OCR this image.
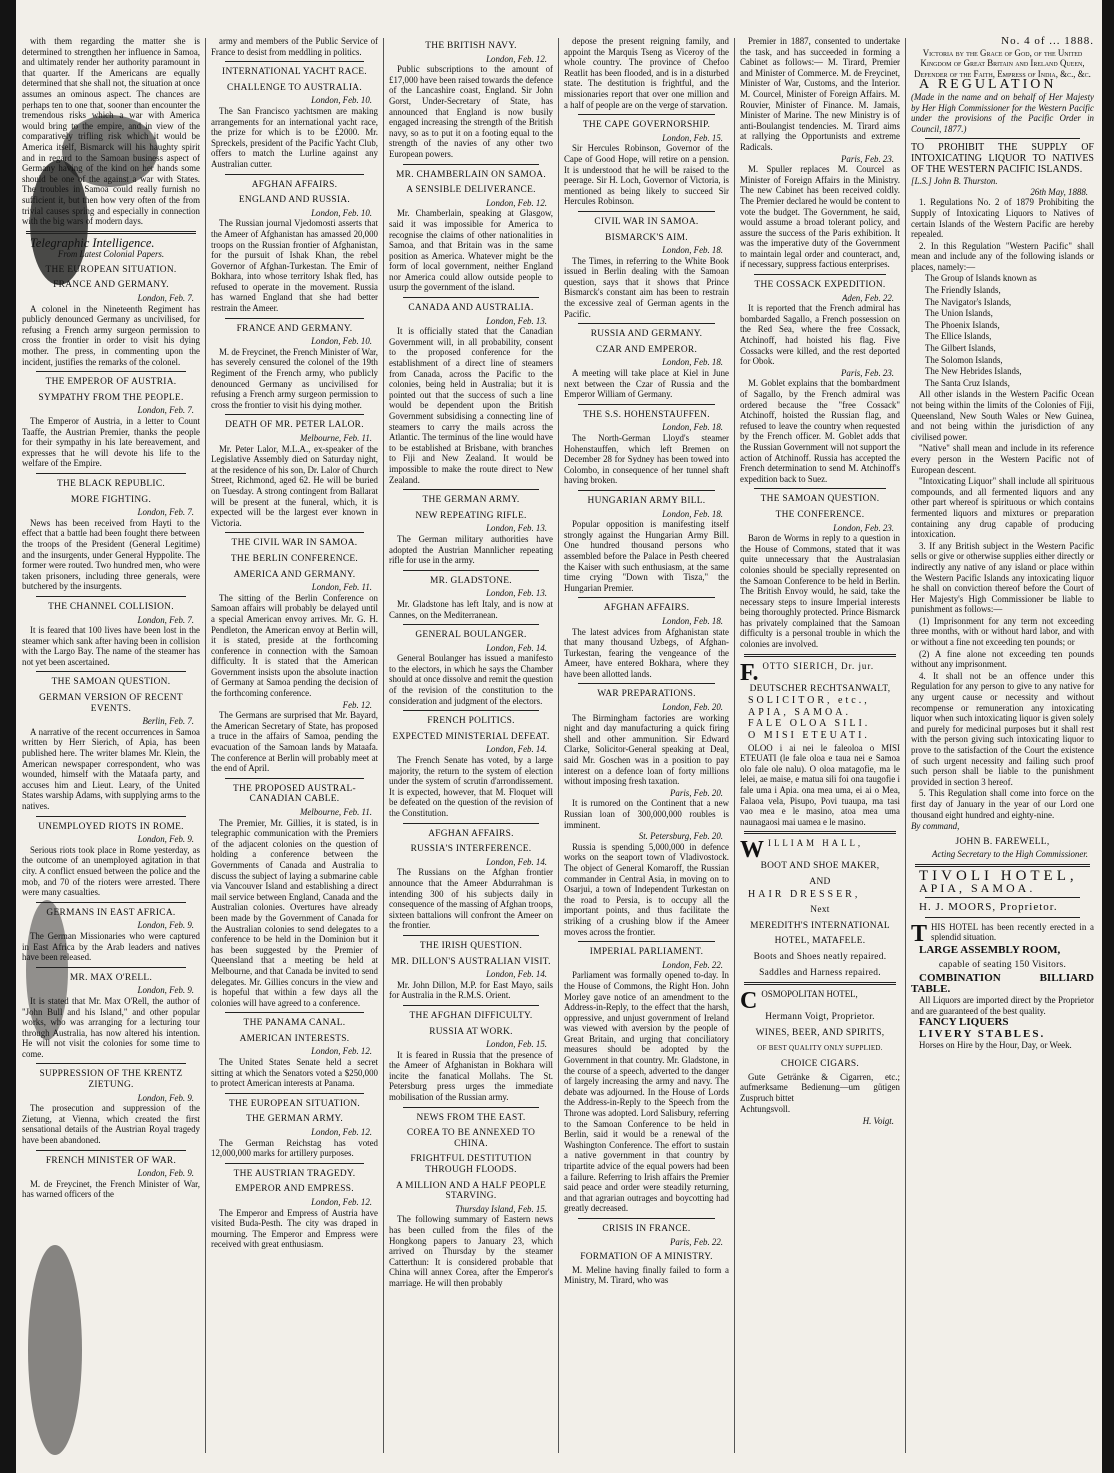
with them regarding the matter she is determined to strengthen her influence in Samoa, and ultimately render her authority paramount in that quarter. If the Americans are equally determined that she shall not, the situation at once assumes an ominous aspect. The chances are perhaps ten to one that, sooner than encounter the tremendous risks which a war with America would bring to the empire, and in view of the comparatively trifling risk which it would be America itself, Bismarck will his haughty spirit and in regard to the Samoan business aspect of Germany having of the kind on her hands some should be one of the against a war with States. The troubles in Samoa could really furnish no sufficient it, but then how very often of the from trivial causes spring and especially in connection with the big wars of modern days.

Telegraphic Intelligence.

From Latest Colonial Papers.

THE EUROPEAN SITUATION.

FRANCE AND GERMANY.

London, Feb. 7.

A colonel in the Nineteenth Regiment has publicly denounced Germany as uncivilised, for refusing a French army surgeon permission to cross the frontier in order to visit his dying mother. The press, in commenting upon the incident, justifies the remarks of the colonel.

THE EMPEROR OF AUSTRIA.

SYMPATHY FROM THE PEOPLE.

London, Feb. 7.

The Emperor of Austria, in a letter to Count Taaffe, the Austrian Premier, thanks the people for their sympathy in his late bereavement, and expresses that he will devote his life to the welfare of the Empire.

THE BLACK REPUBLIC.

MORE FIGHTING.

London, Feb. 7.

News has been received from Hayti to the effect that a battle had been fought there between the troops of the President (General Legitime) and the insurgents, under General Hyppolite. The former were routed. Two hundred men, who were taken prisoners, including three generals, were butchered by the insurgents.

THE CHANNEL COLLISION.

London, Feb. 7.

It is feared that 100 lives have been lost in the steamer which sank after having been in collision with the Largo Bay. The name of the steamer has not yet been ascertained.

THE SAMOAN QUESTION.

GERMAN VERSION OF RECENT EVENTS.

Berlin, Feb. 7.

A narrative of the recent occurrences in Samoa written by Herr Sierich, of Apia, has been published here. The writer blames Mr. Klein, the American newspaper correspondent, who was wounded, himself with the Mataafa party, and accuses him and Lieut. Leary, of the United States warship Adams, with supplying arms to the natives.

UNEMPLOYED RIOTS IN ROME.

London, Feb. 9.

Serious riots took place in Rome yesterday, as the outcome of an unemployed agitation in that city. A conflict ensued between the police and the mob, and 70 of the rioters were arrested. There were many casualties.

GERMANS IN EAST AFRICA.

London, Feb. 9.

The German Missionaries who were captured in East Africa by the Arab leaders and natives have been released.

MR. MAX O'RELL.

London, Feb. 9.

It is stated that Mr. Max O'Rell, the author of "John Bull and his Island," and other popular works, who was arranging for a lecturing tour through Australia, has now altered his intention. He will not visit the colonies for some time to come.

SUPPRESSION OF THE KRENTZ ZIETUNG.

London, Feb. 9.

The prosecution and suppression of the Zietung, at Vienna, which created the first sensational details of the Austrian Royal tragedy have been abandoned.

FRENCH MINISTER OF WAR.

London, Feb. 9.

M. de Freycinet, the French Minister of War, has warned officers of the

army and members of the Public Service of France to desist from meddling in politics.

INTERNATIONAL YACHT RACE.

CHALLENGE TO AUSTRALIA.

London, Feb. 10.

The San Francisco yachtsmen are making arrangements for an international yacht race, the prize for which is to be £2000. Mr. Spreckels, president of the Pacific Yacht Club, offers to match the Lurline against any Australian cutter.

AFGHAN AFFAIRS.

ENGLAND AND RUSSIA.

London, Feb. 10.

The Russian journal Vjedomosti asserts that the Ameer of Afghanistan has amassed 20,000 troops on the Russian frontier of Afghanistan, for the pursuit of Ishak Khan, the rebel Governor of Afghan-Turkestan. The Emir of Bokhara, into whose territory Ishak fled, has refused to operate in the movement. Russia has warned England that she had better restrain the Ameer.

FRANCE AND GERMANY.

London, Feb. 10.

M. de Freycinet, the French Minister of War, has severely censured the colonel of the 19th Regiment of the French army, who publicly denounced Germany as uncivilised for refusing a French army surgeon permission to cross the frontier to visit his dying mother.

DEATH OF MR. PETER LALOR.

Melbourne, Feb. 11.

Mr. Peter Lalor, M.L.A., ex-speaker of the Legislative Assembly died on Saturday night, at the residence of his son, Dr. Lalor of Church Street, Richmond, aged 62. He will be buried on Tuesday. A strong contingent from Ballarat will be present at the funeral, which, it is expected will be the largest ever known in Victoria.

THE CIVIL WAR IN SAMOA.

THE BERLIN CONFERENCE.

AMERICA AND GERMANY.

London, Feb. 11.

The sitting of the Berlin Conference on Samoan affairs will probably be delayed until a special American envoy arrives. Mr. G. H. Pendleton, the American envoy at Berlin will, it is stated, preside at the forthcoming conference in connection with the Samoan difficulty. It is stated that the American Government insists upon the absolute inaction of Germany at Samoa pending the decision of the forthcoming conference.

Feb. 12.

The Germans are surprised that Mr. Bayard, the American Secretary of State, has proposed a truce in the affairs of Samoa, pending the evacuation of the Samoan lands by Mataafa. The conference at Berlin will probably meet at the end of April.

THE PROPOSED AUSTRAL-CANADIAN CABLE.

Melbourne, Feb. 11.

The Premier, Mr. Gillies, it is stated, is in telegraphic communication with the Premiers of the adjacent colonies on the question of holding a conference between the Governments of Canada and Australia to discuss the subject of laying a submarine cable via Vancouver Island and establishing a direct mail service between England, Canada and the Australian colonies. Overtures have already been made by the Government of Canada for the Australian colonies to send delegates to a conference to be held in the Dominion but it has been suggested by the Premier of Queensland that a meeting be held at Melbourne, and that Canada be invited to send delegates. Mr. Gillies concurs in the view and is hopeful that within a few days all the colonies will have agreed to a conference.

THE PANAMA CANAL.

AMERICAN INTERESTS.

London, Feb. 12.

The United States Senate held a secret sitting at which the Senators voted a $250,000 to protect American interests at Panama.

THE EUROPEAN SITUATION.

THE GERMAN ARMY.

London, Feb. 12.

The German Reichstag has voted 12,000,000 marks for artillery purposes.

THE AUSTRIAN TRAGEDY.

EMPEROR AND EMPRESS.

London, Feb. 12.

The Emperor and Empress of Austria have visited Buda-Pesth. The city was draped in mourning. The Emperor and Empress were received with great enthusiasm.

THE BRITISH NAVY.

London, Feb. 12.

Public subscriptions to the amount of £17,000 have been raised towards the defence of the Lancashire coast, England. Sir John Gorst, Under-Secretary of State, has announced that England is now busily engaged increasing the strength of the British navy, so as to put it on a footing equal to the strength of the navies of any other two European powers.

MR. CHAMBERLAIN ON SAMOA.

A SENSIBLE DELIVERANCE.

London, Feb. 12.

Mr. Chamberlain, speaking at Glasgow, said it was impossible for America to recognise the claims of other nationalities in Samoa, and that Britain was in the same position as America. Whatever might be the form of local government, neither England nor America could allow outside people to usurp the government of the island.

CANADA AND AUSTRALIA.

London, Feb. 13.

It is officially stated that the Canadian Government will, in all probability, consent to the proposed conference for the establishment of a direct line of steamers from Canada, across the Pacific to the colonies, being held in Australia; but it is pointed out that the success of such a line would be dependent upon the British Government subsidising a connecting line of steamers to carry the mails across the Atlantic. The terminus of the line would have to be established at Brisbane, with branches to Fiji and New Zealand. It would be impossible to make the route direct to New Zealand.

THE GERMAN ARMY.

NEW REPEATING RIFLE.

London, Feb. 13.

The German military authorities have adopted the Austrian Mannlicher repeating rifle for use in the army.

MR. GLADSTONE.

London, Feb. 13.

Mr. Gladstone has left Italy, and is now at Cannes, on the Mediterranean.

GENERAL BOULANGER.

London, Feb. 14.

General Boulanger has issued a manifesto to the electors, in which he says the Chamber should at once dissolve and remit the question of the revision of the constitution to the consideration and judgment of the electors.

FRENCH POLITICS.

EXPECTED MINISTERIAL DEFEAT.

London, Feb. 14.

The French Senate has voted, by a large majority, the return to the system of election under the system of scrutin d'arrondissement. It is expected, however, that M. Floquet will be defeated on the question of the revision of the Constitution.

AFGHAN AFFAIRS.

RUSSIA'S INTERFERENCE.

London, Feb. 14.

The Russians on the Afghan frontier announce that the Ameer Abdurrahman is intending 300 of his subjects daily in consequence of the massing of Afghan troops, sixteen battalions will confront the Ameer on the frontier.

THE IRISH QUESTION.

MR. DILLON'S AUSTRALIAN VISIT.

London, Feb. 14.

Mr. John Dillon, M.P. for East Mayo, sails for Australia in the R.M.S. Orient.

THE AFGHAN DIFFICULTY.

RUSSIA AT WORK.

London, Feb. 15.

It is feared in Russia that the presence of the Ameer of Afghanistan in Bokhara will incite the fanatical Mollahs. The St. Petersburg press urges the immediate mobilisation of the Russian army.

NEWS FROM THE EAST.

COREA TO BE ANNEXED TO CHINA.

FRIGHTFUL DESTITUTION THROUGH FLOODS.

A MILLION AND A HALF PEOPLE STARVING.

Thursday Island, Feb. 15.

The following summary of Eastern news has been culled from the files of the Hongkong papers to January 23, which arrived on Thursday by the steamer Catterthun: It is considered probable that China will annex Corea, after the Emperor's marriage. He will then probably

depose the present reigning family, and appoint the Marquis Tseng as Viceroy of the whole country. The province of Chefoo Reatlit has been flooded, and is in a disturbed state. The destitution is frightful, and the missionaries report that over one million and a half of people are on the verge of starvation.

THE CAPE GOVERNORSHIP.

London, Feb. 15.

Sir Hercules Robinson, Governor of the Cape of Good Hope, will retire on a pension. It is understood that he will be raised to the peerage. Sir H. Loch, Governor of Victoria, is mentioned as being likely to succeed Sir Hercules Robinson.

CIVIL WAR IN SAMOA.

BISMARCK'S AIM.

London, Feb. 18.

The Times, in referring to the White Book issued in Berlin dealing with the Samoan question, says that it shows that Prince Bismarck's constant aim has been to restrain the excessive zeal of German agents in the Pacific.

RUSSIA AND GERMANY.

CZAR AND EMPEROR.

London, Feb. 18.

A meeting will take place at Kiel in June next between the Czar of Russia and the Emperor William of Germany.

THE S.S. HOHENSTAUFFEN.

London, Feb. 18.

The North-German Lloyd's steamer Hohenstauffen, which left Bremen on December 28 for Sydney has been towed into Colombo, in consequence of her tunnel shaft having broken.

HUNGARIAN ARMY BILL.

London, Feb. 18.

Popular opposition is manifesting itself strongly against the Hungarian Army Bill. One hundred thousand persons who assembled before the Palace in Pesth cheered the Kaiser with such enthusiasm, at the same time crying "Down with Tisza," the Hungarian Premier.

AFGHAN AFFAIRS.

London, Feb. 18.

The latest advices from Afghanistan state that many thousand Uzbegs, of Afghan-Turkestan, fearing the vengeance of the Ameer, have entered Bokhara, where they have been allotted lands.

WAR PREPARATIONS.

London, Feb. 20.

The Birmingham factories are working night and day manufacturing a quick firing shell and other ammunition. Sir Edward Clarke, Solicitor-General speaking at Deal, said Mr. Goschen was in a position to pay interest on a defence loan of forty millions without imposing fresh taxation.

Paris, Feb. 20.

It is rumored on the Continent that a new Russian loan of 300,000,000 roubles is imminent.

St. Petersburg, Feb. 20.

Russia is spending 5,000,000 in defence works on the seaport town of Vladivostock. The object of General Komaroff, the Russian commander in Central Asia, in moving on to Osarjui, a town of Independent Turkestan on the road to Persia, is to occupy all the important points, and thus facilitate the striking of a crushing blow if the Ameer moves across the frontier.

IMPERIAL PARLIAMENT.

London, Feb. 22.

Parliament was formally opened to-day. In the House of Commons, the Right Hon. John Morley gave notice of an amendment to the Address-in-Reply, to the effect that the harsh, oppressive, and unjust government of Ireland was viewed with aversion by the people of Great Britain, and urging that conciliatory measures should be adopted by the Government in that country. Mr. Gladstone, in the course of a speech, adverted to the danger of largely increasing the army and navy. The debate was adjourned. In the House of Lords the Address-in-Reply to the Speech from the Throne was adopted. Lord Salisbury, referring to the Samoan Conference to be held in Berlin, said it would be a renewal of the Washington Conference. The effort to sustain a native government in that country by tripartite advice of the equal powers had been a failure. Referring to Irish affairs the Premier said peace and order were steadily returning, and that agrarian outrages and boycotting had greatly decreased.

CRISIS IN FRANCE.

Paris, Feb. 22.

FORMATION OF A MINISTRY.

M. Meline having finally failed to form a Ministry, M. Tirard, who was

Premier in 1887, consented to undertake the task, and has succeeded in forming a Cabinet as follows:— M. Tirard, Premier and Minister of Commerce. M. de Freycinet, Minister of War, Customs, and the Interior. M. Courcel, Minister of Foreign Affairs. M. Rouvier, Minister of Finance. M. Jamais, Minister of Marine. The new Ministry is of anti-Boulangist tendencies. M. Tirard aims at rallying the Opportunists and extreme Radicals.

Paris, Feb. 23.

M. Spuller replaces M. Courcel as Minister of Foreign Affairs in the Ministry. The new Cabinet has been received coldly. The Premier declared he would be content to vote the budget. The Government, he said, would assume a broad tolerant policy, and assure the success of the Paris exhibition. It was the imperative duty of the Government to maintain legal order and counteract, and, if necessary, suppress factious enterprises.

THE COSSACK EXPEDITION.

Aden, Feb. 22.

It is reported that the French admiral has bombarded Sagallo, a French possession on the Red Sea, where the free Cossack, Atchinoff, had hoisted his flag. Five Cossacks were killed, and the rest deported for Obok.

Paris, Feb. 23.

M. Goblet explains that the bombardment of Sagallo, by the French admiral was ordered because the "free Cossack" Atchinoff, hoisted the Russian flag, and refused to leave the country when requested by the French officer. M. Goblet adds that the Russian Government will not support the action of Atchinoff. Russia has accepted the French determination to send M. Atchinoff's expedition back to Suez.

THE SAMOAN QUESTION.

THE CONFERENCE.

London, Feb. 23.

Baron de Worms in reply to a question in the House of Commons, stated that it was quite unnecessary that the Australasian colonies should be specially represented on the Samoan Conference to be held in Berlin. The British Envoy would, he said, take the necessary steps to insure Imperial interests being thoroughly protected. Prince Bismarck has privately complained that the Samoan difficulty is a personal trouble in which the colonies are involved.

F. OTTO SIERICH, Dr. jur.

DEUTSCHER RECHTSANWALT,

SOLICITOR, etc.,

APIA, SAMOA.

FALE OLOA SILI.

O MISI ETEUATI.

OLOO i ai nei le faleoloa o MISI ETEUATI (le fale oloa e taua nei e Samoa olo fale ole nalu). O oloa matagofie, ma le lelei, ae maise, e matua sili foi ona taugofie i fale uma i Apia. ona mea uma, ei ai o Mea, Falaoa vela, Pisupo, Povi tuaupa, ma tasi vao mea e le masino, atoa mea uma naunagaosi mai uamea e le masino.

WILLIAM HALL,

BOOT AND SHOE MAKER,

AND

HAIR DRESSER,

Next

MEREDITH'S INTERNATIONAL

HOTEL, MATAFELE.

Boots and Shoes neatly repaired.

Saddles and Harness repaired.

COSMOPOLITAN HOTEL,

Hermann Voigt, Proprietor.

WINES, BEER, AND SPIRITS,

OF BEST QUALITY ONLY SUPPLIED.

CHOICE CIGARS.

Gute Getränke & Cigarren, etc.; aufmerksame Bedienung—um gütigen Zuspruch bittet

Achtungsvoll.

H. Voigt.

No. 4 of ... 1888.

Victoria by the Grace of God, of the United Kingdom of Great Britain and Ireland Queen, Defender of the Faith, Empress of India, &c., &c.

A REGULATION

(Made in the name and on behalf of Her Majesty by Her High Commissioner for the Western Pacific under the provisions of the Pacific Order in Council, 1877.)

TO PROHIBIT THE SUPPLY OF INTOXICATING LIQUOR TO NATIVES OF THE WESTERN PACIFIC ISLANDS.

[L.S.] John B. Thurston.

26th May, 1888.

1. Regulations No. 2 of 1879 Prohibiting the Supply of Intoxicating Liquors to Natives of certain Islands of the Western Pacific are hereby repealed.

2. In this Regulation "Western Pacific" shall mean and include any of the following islands or places, namely:—

The Group of Islands known as

The Friendly Islands,

The Navigator's Islands,

The Union Islands,

The Phoenix Islands,

The Ellice Islands,

The Gilbert Islands,

The Solomon Islands,

The New Hebrides Islands,

The Santa Cruz Islands,

All other islands in the Western Pacific Ocean not being within the limits of the Colonies of Fiji, Queensland, New South Wales or New Guinea, and not being within the jurisdiction of any civilised power.

"Native" shall mean and include in its reference every person in the Western Pacific not of European descent.

"Intoxicating Liquor" shall include all spirituous compounds, and all fermented liquors and any other part whereof is spirituous or which contains fermented liquors and mixtures or preparation containing any drug capable of producing intoxication.

3. If any British subject in the Western Pacific sells or give or otherwise supplies either directly or indirectly any native of any island or place within the Western Pacific Islands any intoxicating liquor he shall on conviction thereof before the Court of Her Majesty's High Commissioner be liable to punishment as follows:—

(1) Imprisonment for any term not exceeding three months, with or without hard labor, and with or without a fine not exceeding ten pounds; or

(2) A fine alone not exceeding ten pounds without any imprisonment.

4. It shall not be an offence under this Regulation for any person to give to any native for any urgent cause or necessity and without recompense or remuneration any intoxicating liquor when such intoxicating liquor is given solely and purely for medicinal purposes but it shall rest with the person giving such intoxicating liquor to prove to the satisfaction of the Court the existence of such urgent necessity and failing such proof such person shall be liable to the punishment provided in section 3 hereof.

5. This Regulation shall come into force on the first day of January in the year of our Lord one thousand eight hundred and eighty-nine.

By command,

JOHN B. FAREWELL,

Acting Secretary to the High Commissioner.

TIVOLI HOTEL,

APIA, SAMOA.

H. J. MOORS, Proprietor.

THIS HOTEL has been recently erected in a splendid situation.

LARGE ASSEMBLY ROOM,

capable of seating 150 Visitors.

COMBINATION BILLIARD TABLE.

All Liquors are imported direct by the Proprietor and are guaranteed of the best quality.

FANCY LIQUERS

LIVERY STABLES.

Horses on Hire by the Hour, Day, or Week.
